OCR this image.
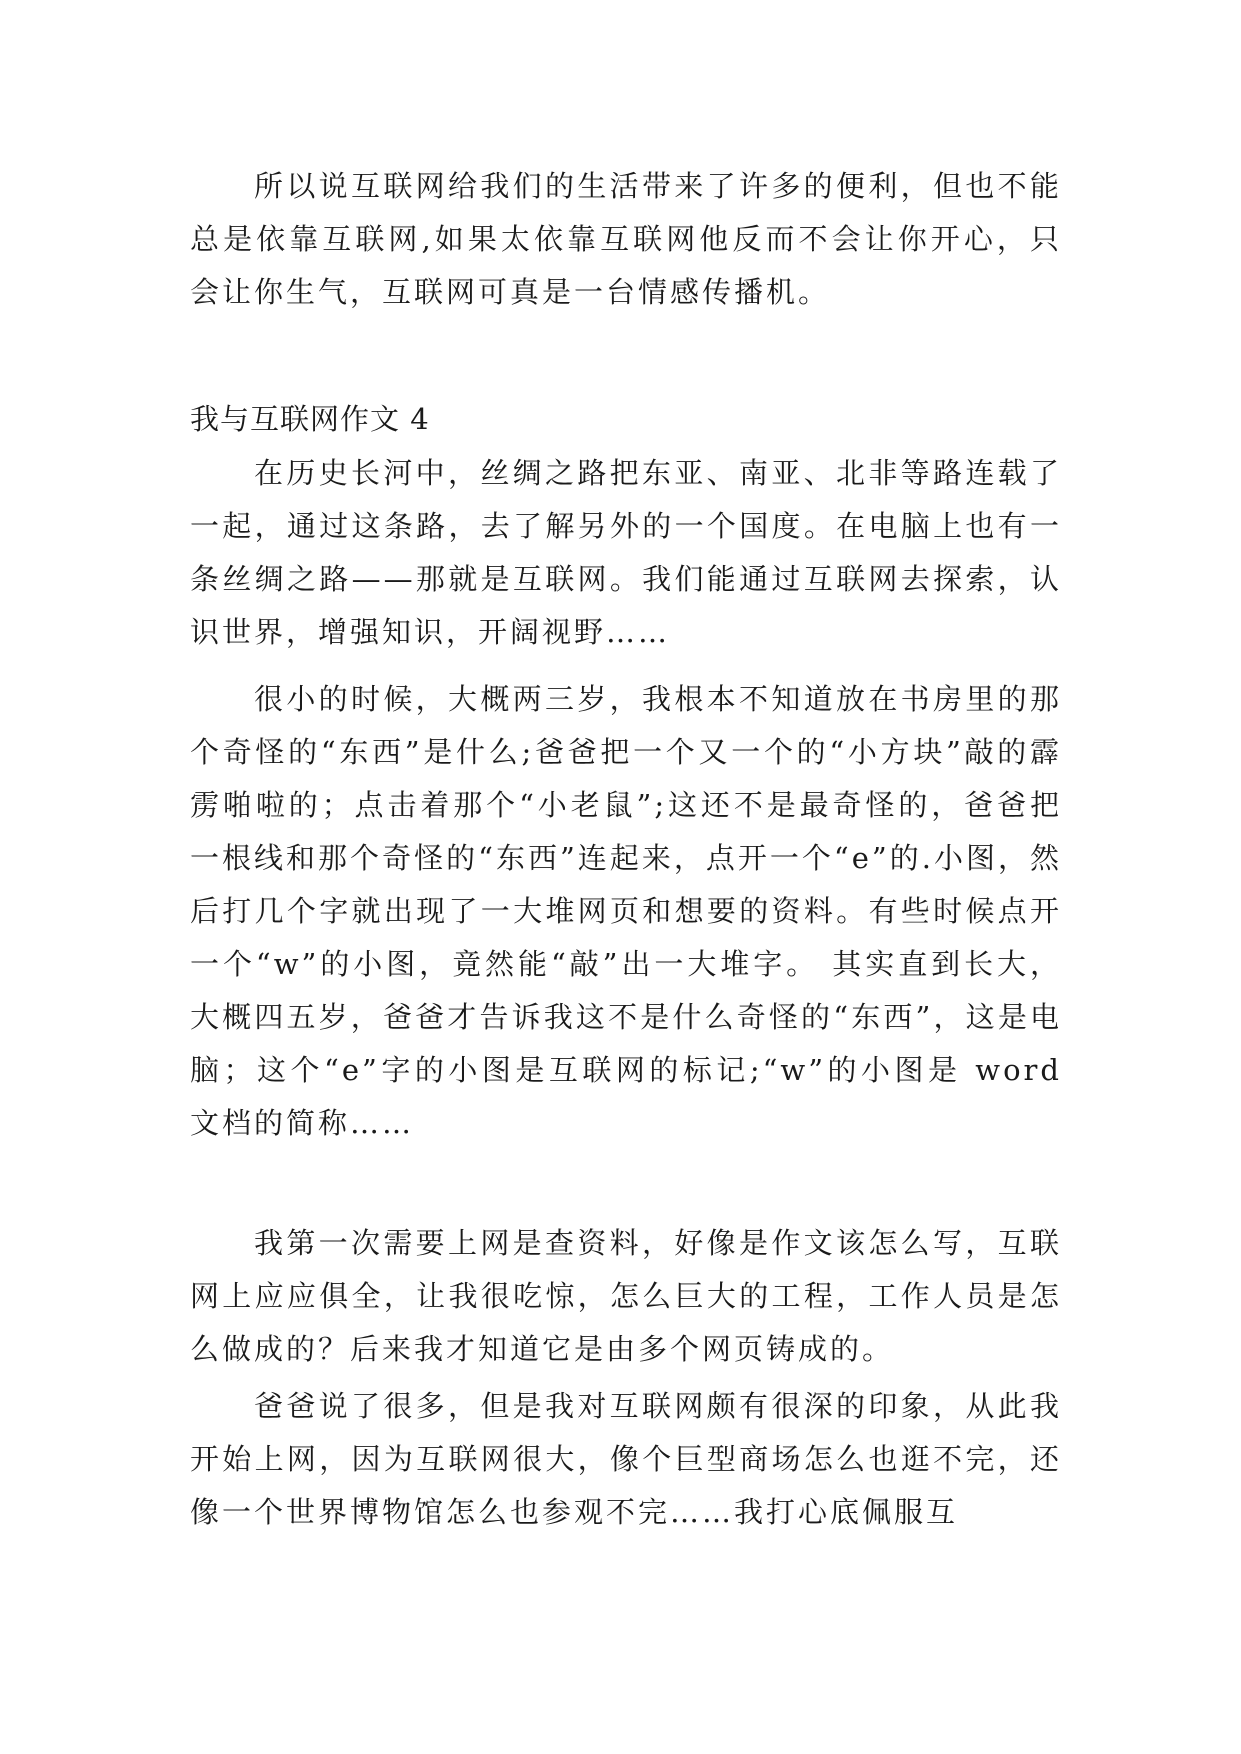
所以说互联网给我们的生活带来了许多的便利，但也不能总是依靠互联网,如果太依靠互联网他反而不会让你开心，只会让你生气，互联网可真是一台情感传播机。

我与互联网作文 4

在历史长河中，丝绸之路把东亚、南亚、北非等路连载了一起，通过这条路，去了解另外的一个国度。在电脑上也有一条丝绸之路——那就是互联网。我们能通过互联网去探索，认识世界，增强知识，开阔视野……

很小的时候，大概两三岁，我根本不知道放在书房里的那个奇怪的“东西”是什么;爸爸把一个又一个的“小方块”敲的霹雳啪啦的；点击着那个“小老鼠”;这还不是最奇怪的，爸爸把一根线和那个奇怪的“东西”连起来，点开一个“e”的.小图，然后打几个字就出现了一大堆网页和想要的资料。有些时候点开一个“w”的小图，竟然能“敲”出一大堆字。 其实直到长大，大概四五岁，爸爸才告诉我这不是什么奇怪的“东西”，这是电脑；这个“e”字的小图是互联网的标记;“w”的小图是 word 文档的简称……

我第一次需要上网是查资料，好像是作文该怎么写，互联网上应应俱全，让我很吃惊，怎么巨大的工程，工作人员是怎么做成的？后来我才知道它是由多个网页铸成的。

爸爸说了很多，但是我对互联网颇有很深的印象，从此我开始上网，因为互联网很大，像个巨型商场怎么也逛不完，还像一个世界博物馆怎么也参观不完……我打心底佩服互
